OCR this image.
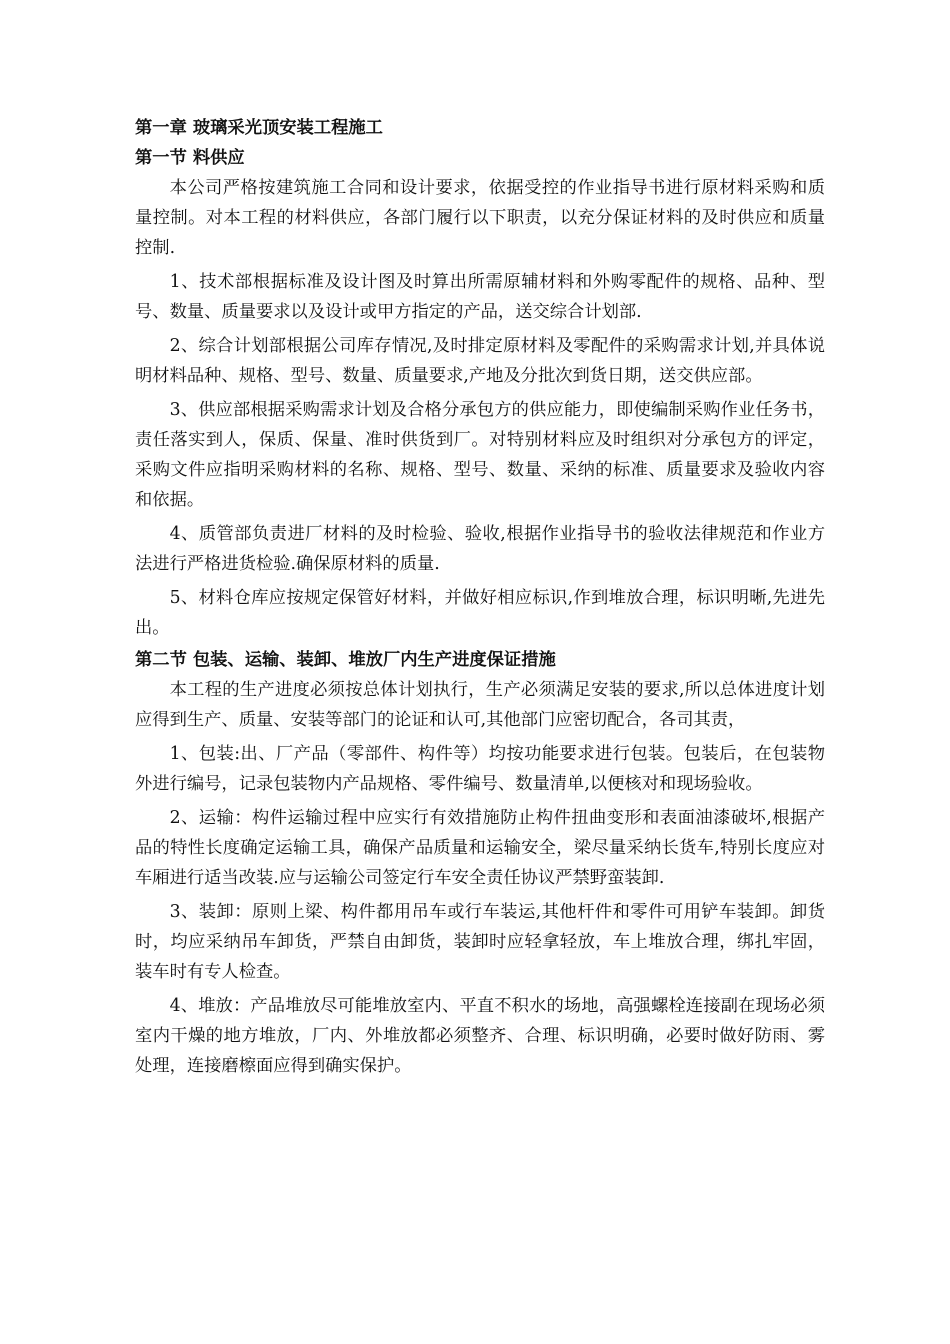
第一章 玻璃采光顶安装工程施工
第一节 料供应

本公司严格按建筑施工合同和设计要求，依据受控的作业指导书进行原材料采购和质量控制。对本工程的材料供应，各部门履行以下职责，以充分保证材料的及时供应和质量控制.

1、技术部根据标准及设计图及时算出所需原辅材料和外购零配件的规格、品种、型号、数量、质量要求以及设计或甲方指定的产品，送交综合计划部.

2、综合计划部根据公司库存情况,及时排定原材料及零配件的采购需求计划,并具体说明材料品种、规格、型号、数量、质量要求,产地及分批次到货日期，送交供应部。

3、供应部根据采购需求计划及合格分承包方的供应能力，即使编制采购作业任务书，责任落实到人，保质、保量、准时供货到厂。对特别材料应及时组织对分承包方的评定，采购文件应指明采购材料的名称、规格、型号、数量、采纳的标准、质量要求及验收内容和依据。

4、质管部负责进厂材料的及时检验、验收,根据作业指导书的验收法律规范和作业方法进行严格进货检验.确保原材料的质量.

5、材料仓库应按规定保管好材料，并做好相应标识,作到堆放合理，标识明晰,先进先出。

第二节 包装、运输、装卸、堆放厂内生产进度保证措施

本工程的生产进度必须按总体计划执行，生产必须满足安装的要求,所以总体进度计划应得到生产、质量、安装等部门的论证和认可,其他部门应密切配合，各司其责，

1、包装:出、厂产品（零部件、构件等）均按功能要求进行包装。包装后，在包装物外进行编号，记录包装物内产品规格、零件编号、数量清单,以便核对和现场验收。

2、运输：构件运输过程中应实行有效措施防止构件扭曲变形和表面油漆破坏,根据产品的特性长度确定运输工具，确保产品质量和运输安全，梁尽量采纳长货车,特别长度应对车厢进行适当改装.应与运输公司签定行车安全责任协议严禁野蛮装卸.

3、装卸：原则上梁、构件都用吊车或行车装运,其他杆件和零件可用铲车装卸。卸货时，均应采纳吊车卸货，严禁自由卸货，装卸时应轻拿轻放，车上堆放合理，绑扎牢固，装车时有专人检查。

4、堆放：产品堆放尽可能堆放室内、平直不积水的场地，高强螺栓连接副在现场必须室内干燥的地方堆放，厂内、外堆放都必须整齐、合理、标识明确，必要时做好防雨、雾处理，连接磨檫面应得到确实保护。
